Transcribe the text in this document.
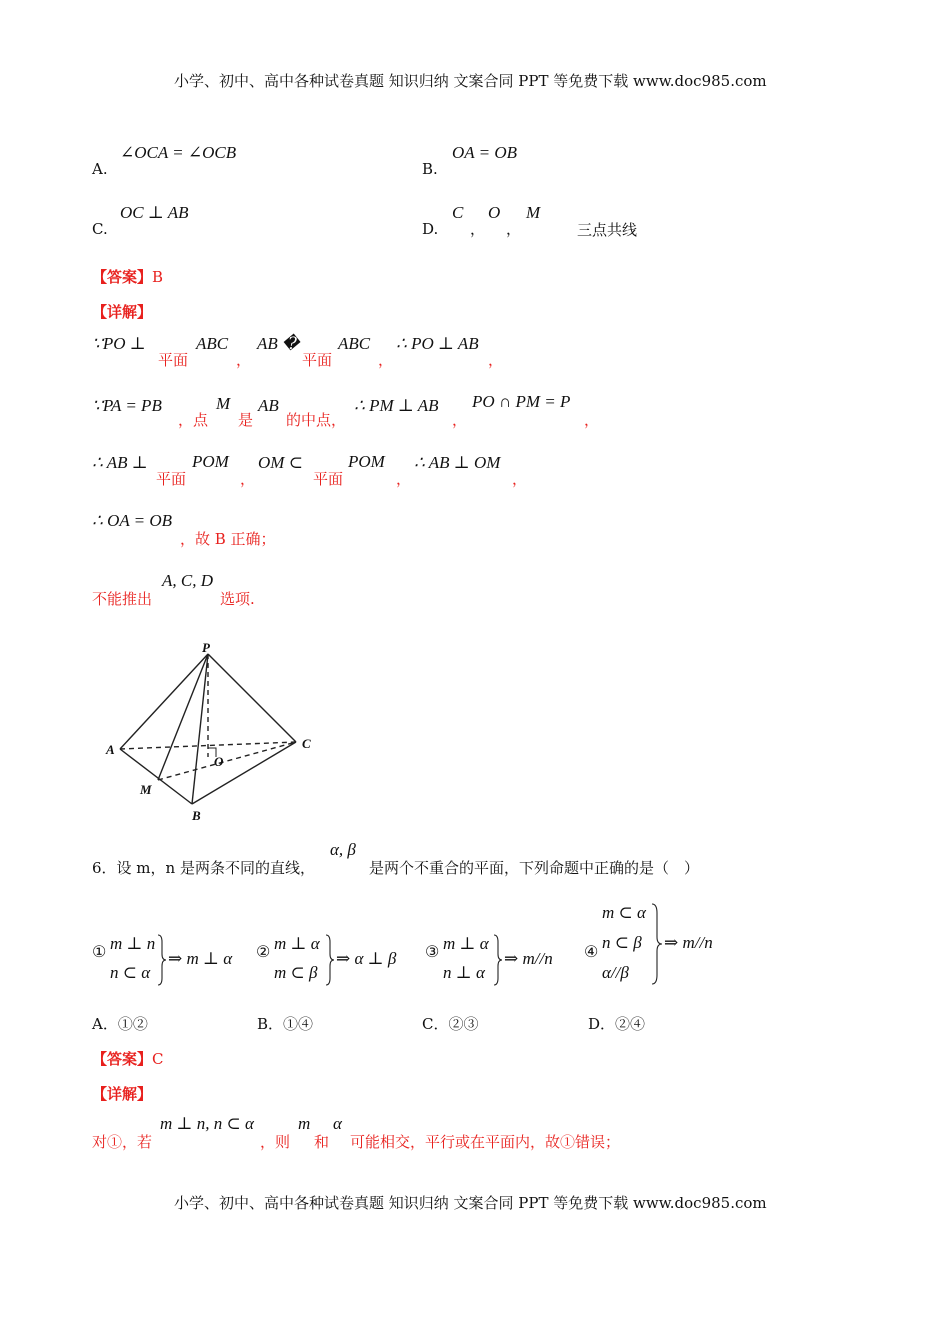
小学、初中、高中各种试卷真题 知识归纳 文案合同 PPT 等免费下载 www.doc985.com
A.
∠OCA = ∠OCB
B.
OA = OB
C.
OC ⊥ AB
D.
C
，
O
，
M
三点共线
【答案】B
【详解】
∵PO ⊥
平面
ABC
，
AB �
平面
ABC
，
∴ PO ⊥ AB
，
∵PA = PB
，点
M
是
AB
的中点，
∴ PM ⊥ AB
，
PO ∩ PM = P
，
∴ AB ⊥
平面
POM
，
OM ⊂
平面
POM
，
∴ AB ⊥ OM
，
∴ OA = OB
，故 B 正确；
不能推出
A, C, D
选项.
P
A	C
O
M
B
6．设 m，n 是两条不同的直线，
α, β
是两个不重合的平面，下列命题中正确的是（　）
① m ⊥ n
n ⊂ α
⇒ m ⊥ α ② m ⊥ α
m ⊂ β
⇒ α ⊥ β ③ m ⊥ α
n ⊥ α
⇒ m//n ④
m ⊂ α
n ⊂ β
α//β
⇒ m//n
A．①②	B．①④	C．②③	D．②④
【答案】C
【详解】
对①，若
m ⊥ n, n ⊂ α
，则
m
和
α
可能相交，平行或在平面内，故①错误；
小学、初中、高中各种试卷真题 知识归纳 文案合同 PPT 等免费下载 www.doc985.com
